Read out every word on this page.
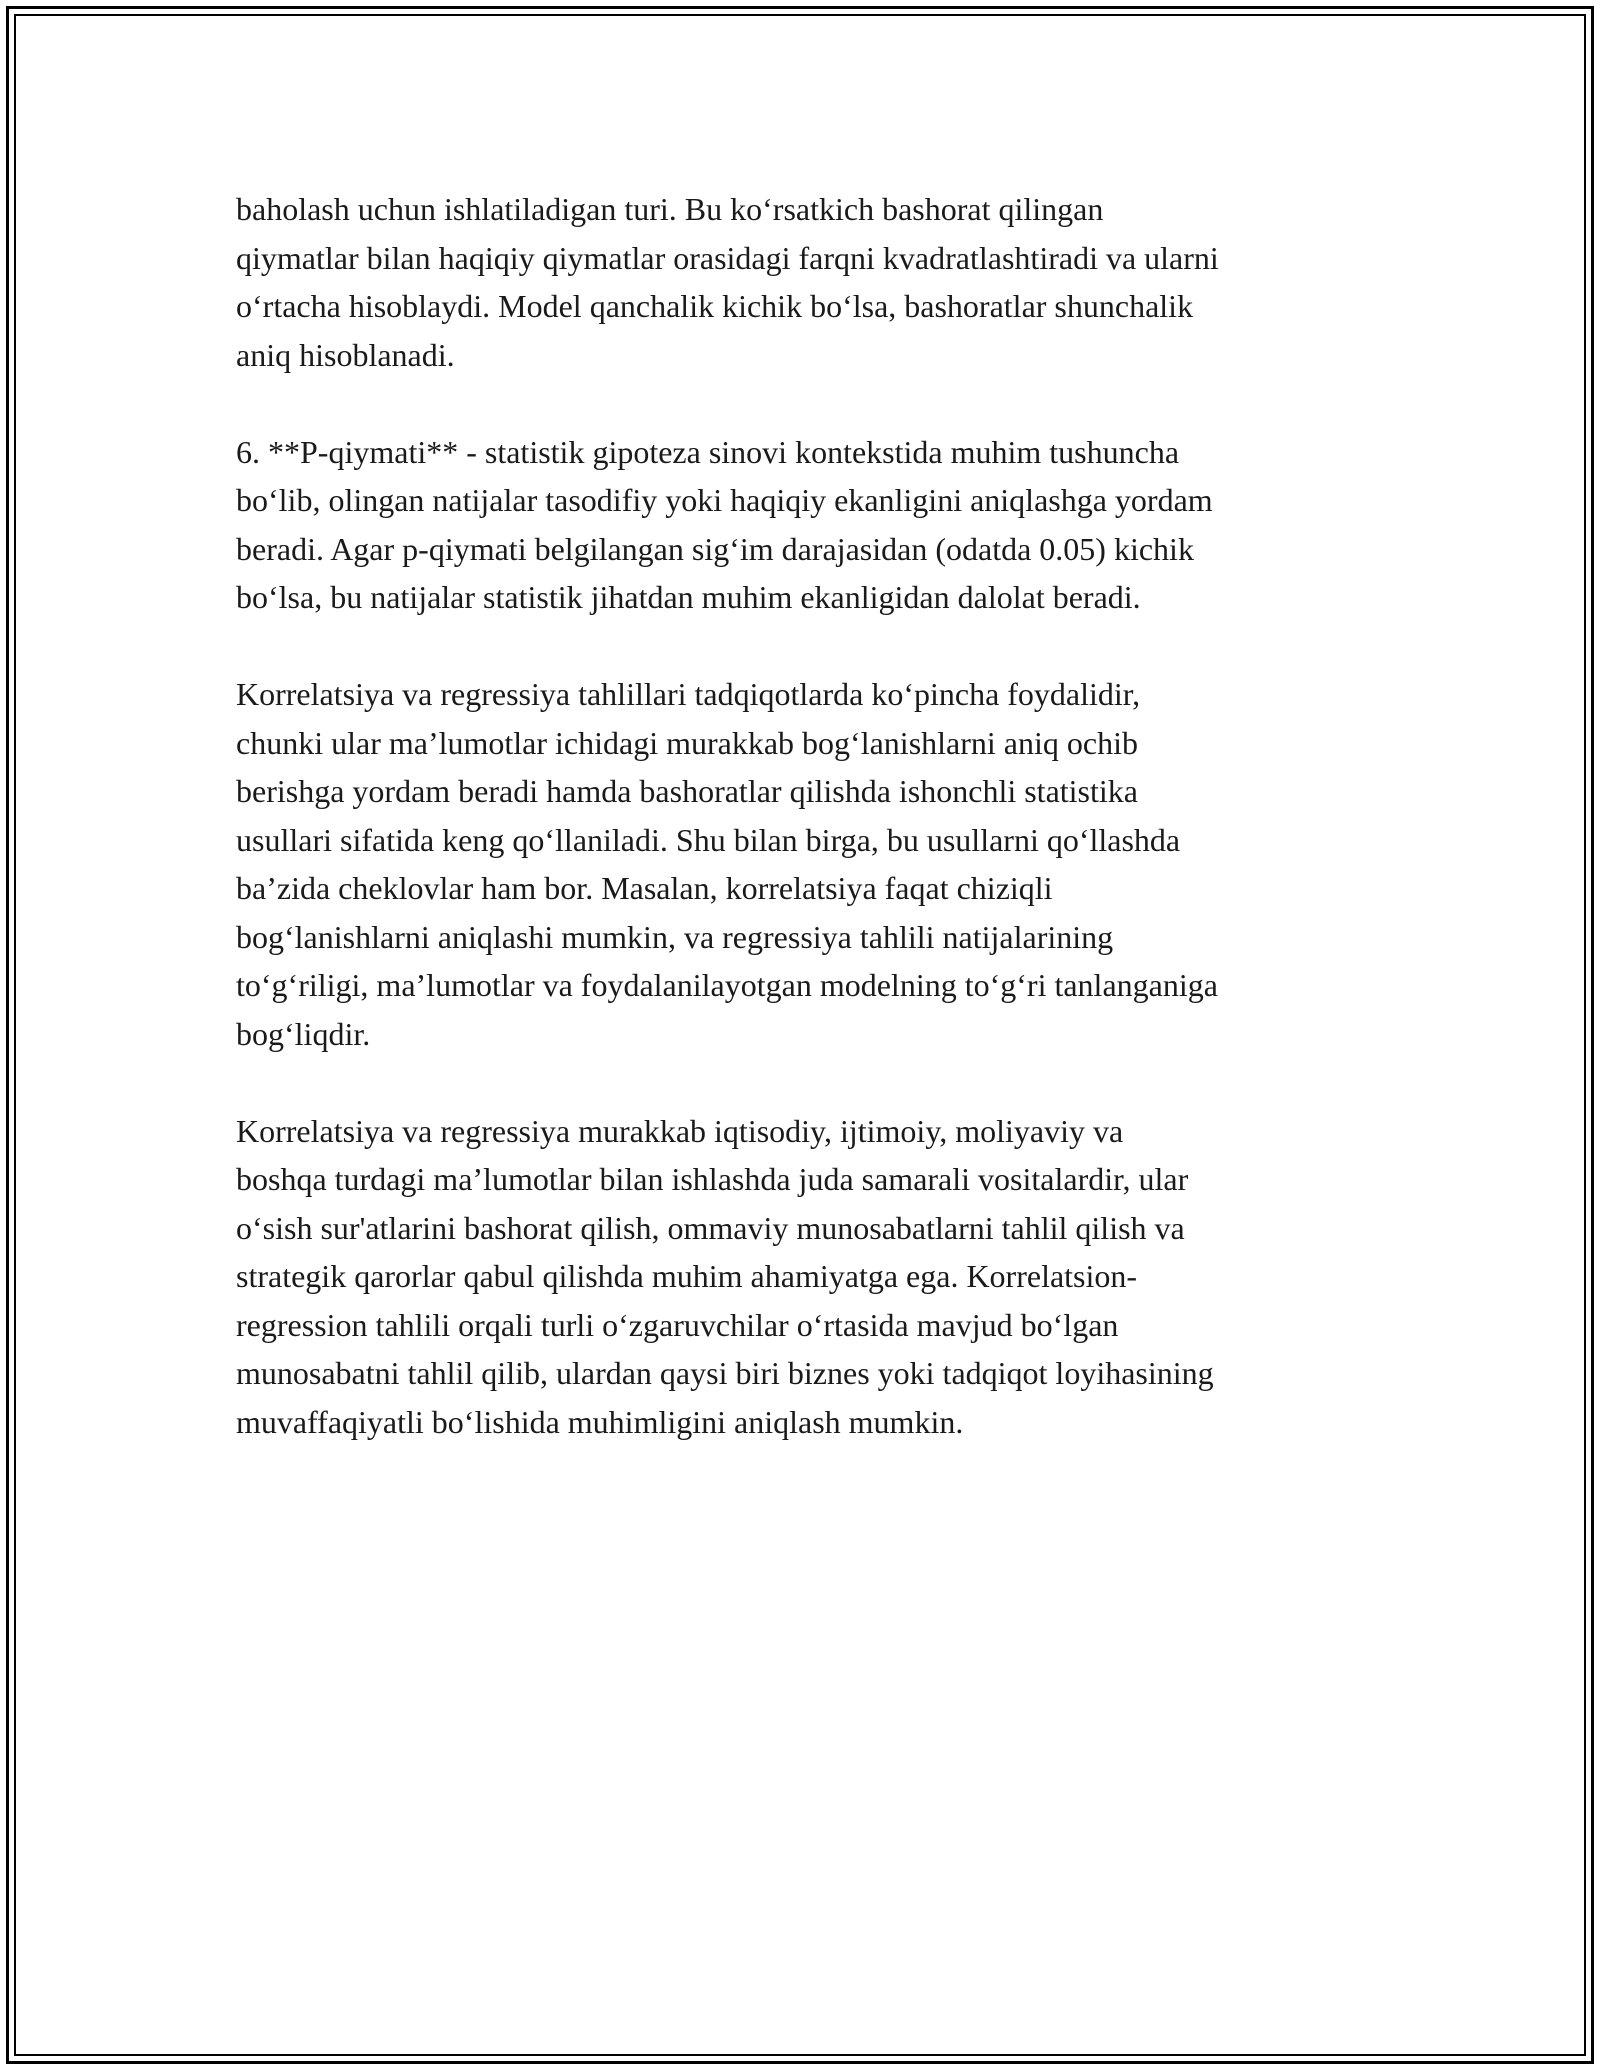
baholash uchun ishlatiladigan turi. Bu ko‘rsatkich bashorat qilingan
qiymatlar bilan haqiqiy qiymatlar orasidagi farqni kvadratlashtiradi va ularni
o‘rtacha hisoblaydi. Model qanchalik kichik bo‘lsa, bashoratlar shunchalik
aniq hisoblanadi.

6. **P-qiymati** - statistik gipoteza sinovi kontekstida muhim tushuncha
bo‘lib, olingan natijalar tasodifiy yoki haqiqiy ekanligini aniqlashga yordam
beradi. Agar p-qiymati belgilangan sig‘im darajasidan (odatda 0.05) kichik
bo‘lsa, bu natijalar statistik jihatdan muhim ekanligidan dalolat beradi.

Korrelatsiya va regressiya tahlillari tadqiqotlarda ko‘pincha foydalidir,
chunki ular ma’lumotlar ichidagi murakkab bog‘lanishlarni aniq ochib
berishga yordam beradi hamda bashoratlar qilishda ishonchli statistika
usullari sifatida keng qo‘llaniladi. Shu bilan birga, bu usullarni qo‘llashda
ba’zida cheklovlar ham bor. Masalan, korrelatsiya faqat chiziqli
bog‘lanishlarni aniqlashi mumkin, va regressiya tahlili natijalarining
to‘g‘riligi, ma’lumotlar va foydalanilayotgan modelning to‘g‘ri tanlanganiga
bog‘liqdir.

Korrelatsiya va regressiya murakkab iqtisodiy, ijtimoiy, moliyaviy va
boshqa turdagi ma’lumotlar bilan ishlashda juda samarali vositalardir, ular
o‘sish sur'atlarini bashorat qilish, ommaviy munosabatlarni tahlil qilish va
strategik qarorlar qabul qilishda muhim ahamiyatga ega. Korrelatsion-
regression tahlili orqali turli o‘zgaruvchilar o‘rtasida mavjud bo‘lgan
munosabatni tahlil qilib, ulardan qaysi biri biznes yoki tadqiqot loyihasining
muvaffaqiyatli bo‘lishida muhimligini aniqlash mumkin.
